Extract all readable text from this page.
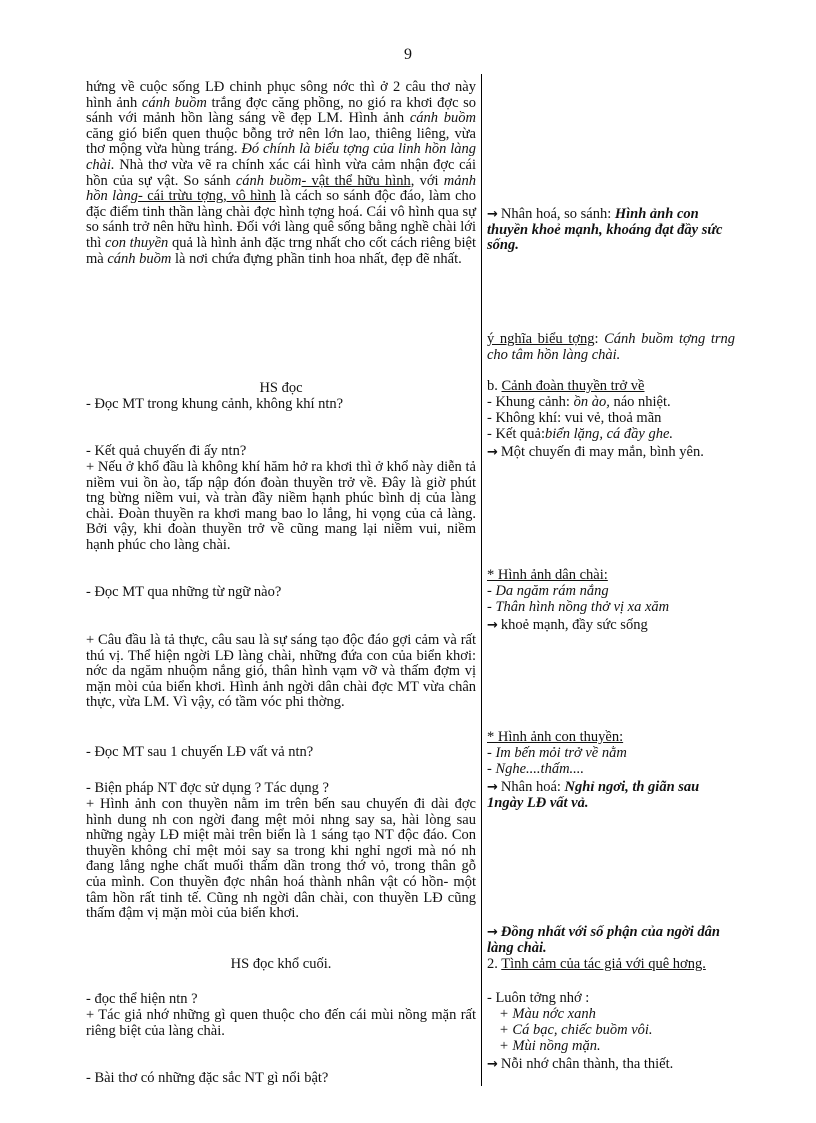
9
hứng về cuộc sống LĐ chinh phục sông nớc thì ở 2 câu thơ này hình ảnh cánh buồm trắng đợc căng phồng, no gió ra khơi đợc so sánh với mảnh hồn làng sáng về đẹp LM. Hình ảnh cánh buồm căng gió biển quen thuộc bỗng trở nên lớn lao, thiêng liêng, vừa thơ mộng vừa hùng tráng. Đó chính là biểu tợng của linh hồn làng chài. Nhà thơ vừa vẽ ra chính xác cái hình vừa cảm nhận đợc cái hồn của sự vật. So sánh cánh buồm- vật thể hữu hình, với mảnh hồn làng- cái trừu tợng, vô hình là cách so sánh độc đáo, làm cho đặc điểm tinh thần làng chài đợc hình tợng hoá. Cái vô hình qua sự so sánh trở nên hữu hình. Đối với làng quê sống bằng nghề chài lới thì con thuyền quả là hình ảnh đặc trng nhất cho cốt cách riêng biệt mà cánh buồm là nơi chứa đựng phần tinh hoa nhất, đẹp đẽ nhất.
HS đọc
- Đọc MT trong khung cảnh, không khí ntn?
- Kết quả chuyến đi ấy ntn?
+ Nếu ở khổ đầu là không khí hăm hở ra khơi thì ở khổ này diễn tả niềm vui ồn ào, tấp nập đón đoàn thuyền trở về. Đây là giờ phút tng bừng niềm vui, và tràn đầy niềm hạnh phúc bình dị của làng chài. Đoàn thuyền ra khơi mang bao lo lắng, hi vọng của cả làng. Bởi vậy, khi đoàn thuyền trở về cũng mang lại niềm vui, niềm hạnh phúc cho làng chài.
- Đọc MT qua những từ ngữ nào?
+ Câu đầu là tả thực, câu sau là sự sáng tạo độc đáo gợi cảm và rất thú vị. Thể hiện ngời LĐ làng chài, những đứa con của biển khơi: nớc da ngăm nhuộm nắng gió, thân hình vạm vỡ và thấm đợm vị mặn mòi của biển khơi. Hình ảnh ngời dân chài đợc MT vừa chân thực, vừa LM. Vì vậy, có tầm vóc phi thờng.
- Đọc MT sau 1 chuyến LĐ vất vả ntn?
- Biện pháp NT đợc sử dụng ? Tác dụng ?
+ Hình ảnh con thuyền nằm im trên bến sau chuyến đi dài đợc hình dung nh con ngời đang mệt mỏi nhng say sa, hài lòng sau những ngày LĐ miệt mài trên biển là 1 sáng tạo NT độc đáo. Con thuyền không chỉ mệt mỏi say sa trong khi nghỉ ngơi mà nó nh đang lắng nghe chất muối thấm dần trong thớ vỏ, trong thân gỗ của mình. Con thuyền đợc nhân hoá thành nhân vật có hồn- một tâm hồn rất tinh tế. Cũng nh ngời dân chài, con thuyền LĐ cũng thấm đậm vị mặn mòi của biển khơi.
HS đọc khổ cuối.
- đọc thể hiện ntn ?
+ Tác giả nhớ những gì quen thuộc cho đến cái mùi nồng mặn rất riêng biệt của làng chài.
- Bài thơ có những đặc sắc NT gì nổi bật?
→ Nhân hoá, so sánh: Hình ảnh con thuyền khoẻ mạnh, khoáng đạt đầy sức sống.
ý nghĩa biểu tợng: Cánh buồm tợng trng cho tâm hồn làng chài.
b. Cảnh đoàn thuyền trở về
- Khung cảnh: ồn ào, náo nhiệt.
- Không khí: vui vẻ, thoả mãn
- Kết quả:biển lặng, cá đầy ghe.
→ Một chuyến đi may mắn, bình yên.
* Hình ảnh dân chài:
- Da ngăm rám nắng
- Thân hình nồng thở vị xa xăm
→ khoẻ mạnh, đầy sức sống
* Hình ảnh con thuyền:
- Im bến mỏi trở về nằm
- Nghe....thấm....
→ Nhân hoá: Nghỉ ngơi, th giãn sau 1ngày LĐ vất vả.
→ Đồng nhất với số phận của ngời dân làng chài.
2. Tình cảm của tác giả với quê hơng.
- Luôn tởng nhớ :
+ Màu nớc xanh
+ Cá bạc, chiếc buồm vôi.
+ Mùi nồng mặn.
→ Nỗi nhớ chân thành, tha thiết.
